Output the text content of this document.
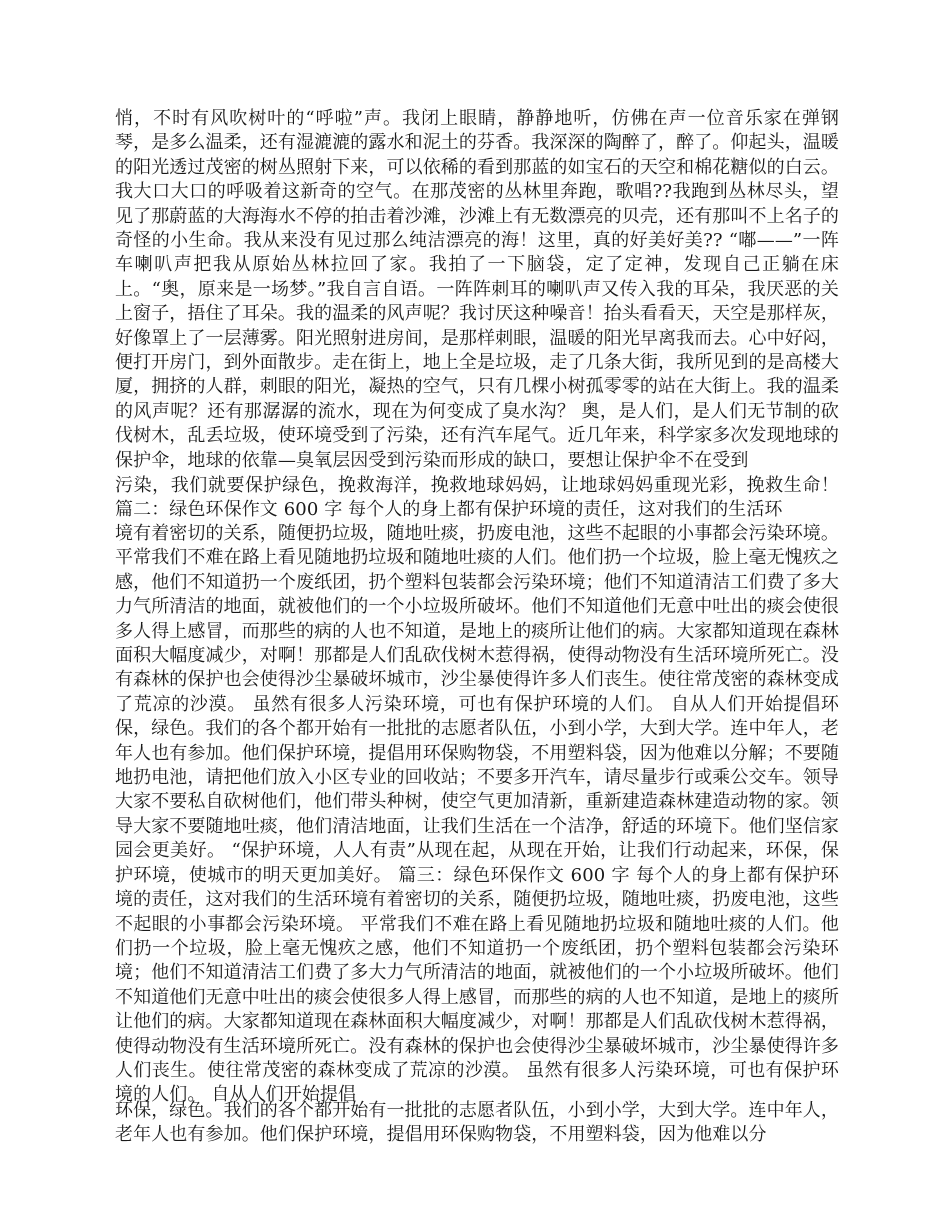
悄，不时有风吹树叶的“呼啦”声。我闭上眼睛，静静地听，仿佛在声一位音乐家在弹钢琴，是多么温柔，还有湿漉漉的露水和泥土的芬香。我深深的陶醉了，醉了。仰起头，温暖的阳光透过茂密的树丛照射下来，可以依稀的看到那蓝的如宝石的天空和棉花糖似的白云。我大口大口的呼吸着这新奇的空气。在那茂密的丛林里奔跑，歌唱??我跑到丛林尽头，望见了那蔚蓝的大海海水不停的拍击着沙滩，沙滩上有无数漂亮的贝壳，还有那叫不上名子的奇怪的小生命。我从来没有见过那么纯洁漂亮的海！这里，真的好美好美?? “嘟——”一阵车喇叭声把我从原始丛林拉回了家。我拍了一下脑袋，定了定神，发现自己正躺在床上。“奥，原来是一场梦。”我自言自语。一阵阵刺耳的喇叭声又传入我的耳朵，我厌恶的关上窗子，捂住了耳朵。我的温柔的风声呢？我讨厌这种噪音！抬头看看天，天空是那样灰，好像罩上了一层薄雾。阳光照射进房间，是那样刺眼，温暖的阳光早离我而去。心中好闷，便打开房门，到外面散步。走在街上，地上全是垃圾，走了几条大街，我所见到的是高楼大厦，拥挤的人群，刺眼的阳光，凝热的空气，只有几棵小树孤零零的站在大街上。我的温柔的风声呢？还有那潺潺的流水，现在为何变成了臭水沟？ 奥，是人们，是人们无节制的砍伐树木，乱丢垃圾，使环境受到了污染，还有汽车尾气。近几年来，科学家多次发现地球的保护伞，地球的依靠—臭氧层因受到污染而形成的缺口，要想让保护伞不在受到

污染，我们就要保护绿色，挽救海洋，挽救地球妈妈，让地球妈妈重现光彩，挽救生命！ 篇二：绿色环保作文 600 字 每个人的身上都有保护环境的责任，这对我们的生活环

境有着密切的关系，随便扔垃圾，随地吐痰，扔废电池，这些不起眼的小事都会污染环境。 平常我们不难在路上看见随地扔垃圾和随地吐痰的人们。他们扔一个垃圾，脸上毫无愧疚之感，他们不知道扔一个废纸团，扔个塑料包装都会污染环境；他们不知道清洁工们费了多大力气所清洁的地面，就被他们的一个小垃圾所破坏。他们不知道他们无意中吐出的痰会使很多人得上感冒，而那些的病的人也不知道，是地上的痰所让他们的病。大家都知道现在森林面积大幅度减少，对啊！那都是人们乱砍伐树木惹得祸，使得动物没有生活环境所死亡。没有森林的保护也会使得沙尘暴破坏城市，沙尘暴使得许多人们丧生。使往常茂密的森林变成了荒凉的沙漠。 虽然有很多人污染环境，可也有保护环境的人们。 自从人们开始提倡环保，绿色。我们的各个都开始有一批批的志愿者队伍，小到小学，大到大学。连中年人，老年人也有参加。他们保护环境，提倡用环保购物袋，不用塑料袋，因为他难以分解；不要随地扔电池，请把他们放入小区专业的回收站；不要多开汽车，请尽量步行或乘公交车。领导大家不要私自砍树他们，他们带头种树，使空气更加清新，重新建造森林建造动物的家。领导大家不要随地吐痰，他们清洁地面，让我们生活在一个洁净，舒适的环境下。他们坚信家园会更美好。 “保护环境，人人有责”从现在起，从现在开始，让我们行动起来，环保，保护环境，使城市的明天更加美好。 篇三：绿色环保作文 600 字 每个人的身上都有保护环境的责任，这对我们的生活环境有着密切的关系，随便扔垃圾，随地吐痰，扔废电池，这些不起眼的小事都会污染环境。 平常我们不难在路上看见随地扔垃圾和随地吐痰的人们。他们扔一个垃圾，脸上毫无愧疚之感，他们不知道扔一个废纸团，扔个塑料包装都会污染环境；他们不知道清洁工们费了多大力气所清洁的地面，就被他们的一个小垃圾所破坏。他们不知道他们无意中吐出的痰会使很多人得上感冒，而那些的病的人也不知道，是地上的痰所让他们的病。大家都知道现在森林面积大幅度减少，对啊！那都是人们乱砍伐树木惹得祸，使得动物没有生活环境所死亡。没有森林的保护也会使得沙尘暴破坏城市，沙尘暴使得许多人们丧生。使往常茂密的森林变成了荒凉的沙漠。 虽然有很多人污染环境，可也有保护环境的人们。 自从人们开始提倡

环保，绿色。我们的各个都开始有一批批的志愿者队伍，小到小学，大到大学。连中年人，老年人也有参加。他们保护环境，提倡用环保购物袋，不用塑料袋，因为他难以分
